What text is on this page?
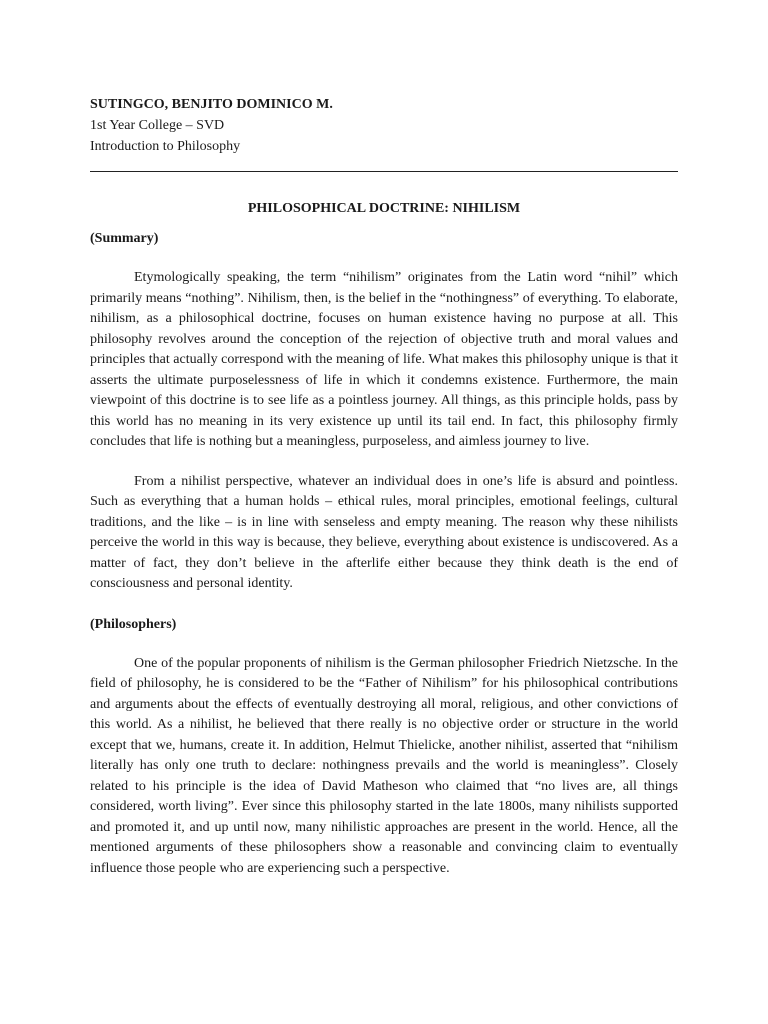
SUTINGCO, BENJITO DOMINICO M.

1st Year College – SVD

Introduction to Philosophy

PHILOSOPHICAL DOCTRINE: NIHILISM

(Summary)

Etymologically speaking, the term “nihilism” originates from the Latin word “nihil” which primarily means “nothing”. Nihilism, then, is the belief in the “nothingness” of everything. To elaborate, nihilism, as a philosophical doctrine, focuses on human existence having no purpose at all. This philosophy revolves around the conception of the rejection of objective truth and moral values and principles that actually correspond with the meaning of life. What makes this philosophy unique is that it asserts the ultimate purposelessness of life in which it condemns existence. Furthermore, the main viewpoint of this doctrine is to see life as a pointless journey. All things, as this principle holds, pass by this world has no meaning in its very existence up until its tail end. In fact, this philosophy firmly concludes that life is nothing but a meaningless, purposeless, and aimless journey to live.

From a nihilist perspective, whatever an individual does in one’s life is absurd and pointless. Such as everything that a human holds – ethical rules, moral principles, emotional feelings, cultural traditions, and the like – is in line with senseless and empty meaning. The reason why these nihilists perceive the world in this way is because, they believe, everything about existence is undiscovered. As a matter of fact, they don’t believe in the afterlife either because they think death is the end of consciousness and personal identity.

(Philosophers)

One of the popular proponents of nihilism is the German philosopher Friedrich Nietzsche. In the field of philosophy, he is considered to be the “Father of Nihilism” for his philosophical contributions and arguments about the effects of eventually destroying all moral, religious, and other convictions of this world. As a nihilist, he believed that there really is no objective order or structure in the world except that we, humans, create it. In addition, Helmut Thielicke, another nihilist, asserted that “nihilism literally has only one truth to declare: nothingness prevails and the world is meaningless”. Closely related to his principle is the idea of David Matheson who claimed that “no lives are, all things considered, worth living”. Ever since this philosophy started in the late 1800s, many nihilists supported and promoted it, and up until now, many nihilistic approaches are present in the world. Hence, all the mentioned arguments of these philosophers show a reasonable and convincing claim to eventually influence those people who are experiencing such a perspective.
